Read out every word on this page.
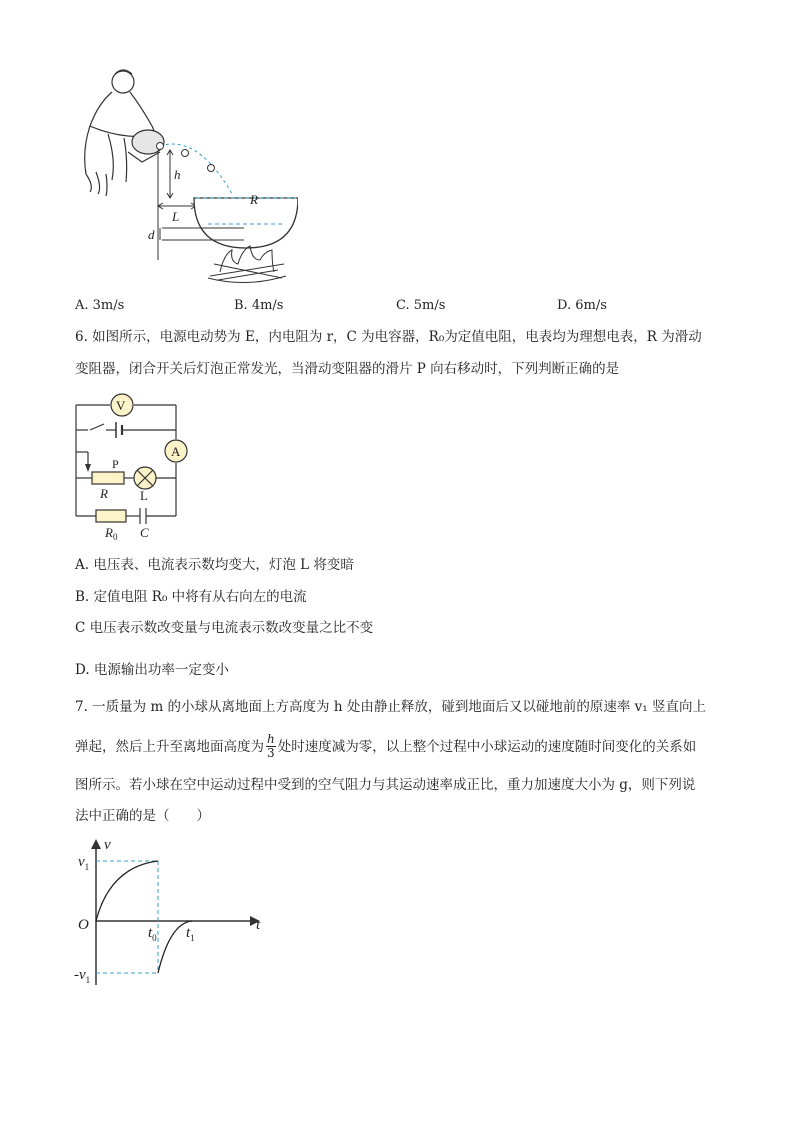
h
L
R
d
A. 3m/s	B. 4m/s	C. 5m/s	D. 6m/s
6. 如图所示，电源电动势为 E，内电阻为 r，C 为电容器，R₀为定值电阻，电表均为理想电表，R 为滑动
变阻器，闭合开关后灯泡正常发光，当滑动变阻器的滑片 P 向右移动时，下列判断正确的是
V
A
P
R L
$R_0$ C
A. 电压表、电流表示数均变大，灯泡 L 将变暗
B. 定值电阻 R₀ 中将有从右向左的电流
C 电压表示数改变量与电流表示数改变量之比不变
D. 电源输出功率一定变小
7. 一质量为 m 的小球从离地面上方高度为 h 处由静止释放，碰到地面后又以碰地前的原速率 v₁ 竖直向上
弹起，然后上升至离地面高度为 $\frac{h}{3}$ 处时速度减为零，以上整个过程中小球运动的速度随时间变化的关系如
图所示。若小球在空中运动过程中受到的空气阻力与其运动速率成正比，重力加速度大小为 g，则下列说
法中正确的是（　　）
v
t
O
$v_1$
$-v_1$
$t_0$ $t_1$
